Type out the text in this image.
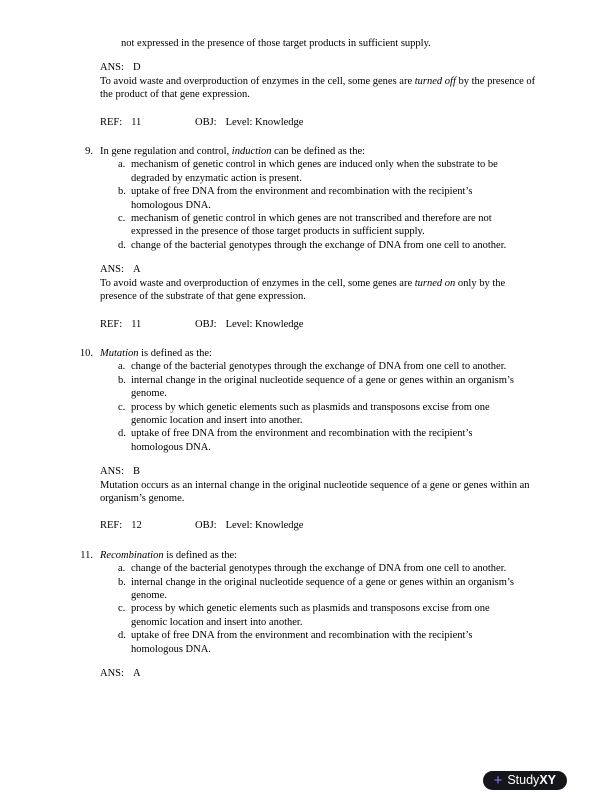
not expressed in the presence of those target products in sufficient supply.

ANS: D

To avoid waste and overproduction of enzymes in the cell, some genes are turned off by the presence of the product of that gene expression.

REF: 11	OBJ: Level: Knowledge

9. In gene regulation and control, induction can be defined as the:

a. mechanism of genetic control in which genes are induced only when the substrate to be degraded by enzymatic action is present.

b. uptake of free DNA from the environment and recombination with the recipient’s homologous DNA.

c. mechanism of genetic control in which genes are not transcribed and therefore are not expressed in the presence of those target products in sufficient supply.

d. change of the bacterial genotypes through the exchange of DNA from one cell to another.

ANS: A

To avoid waste and overproduction of enzymes in the cell, some genes are turned on only by the presence of the substrate of that gene expression.

REF: 11	OBJ: Level: Knowledge

10. Mutation is defined as the:

a. change of the bacterial genotypes through the exchange of DNA from one cell to another.

b. internal change in the original nucleotide sequence of a gene or genes within an organism’s genome.

c. process by which genetic elements such as plasmids and transposons excise from one genomic location and insert into another.

d. uptake of free DNA from the environment and recombination with the recipient’s homologous DNA.

ANS: B

Mutation occurs as an internal change in the original nucleotide sequence of a gene or genes within an organism’s genome.

REF: 12	OBJ: Level: Knowledge

11. Recombination is defined as the:

a. change of the bacterial genotypes through the exchange of DNA from one cell to another.

b. internal change in the original nucleotide sequence of a gene or genes within an organism’s genome.

c. process by which genetic elements such as plasmids and transposons excise from one genomic location and insert into another.

d. uptake of free DNA from the environment and recombination with the recipient’s homologous DNA.

ANS: A

+ StudyXY
